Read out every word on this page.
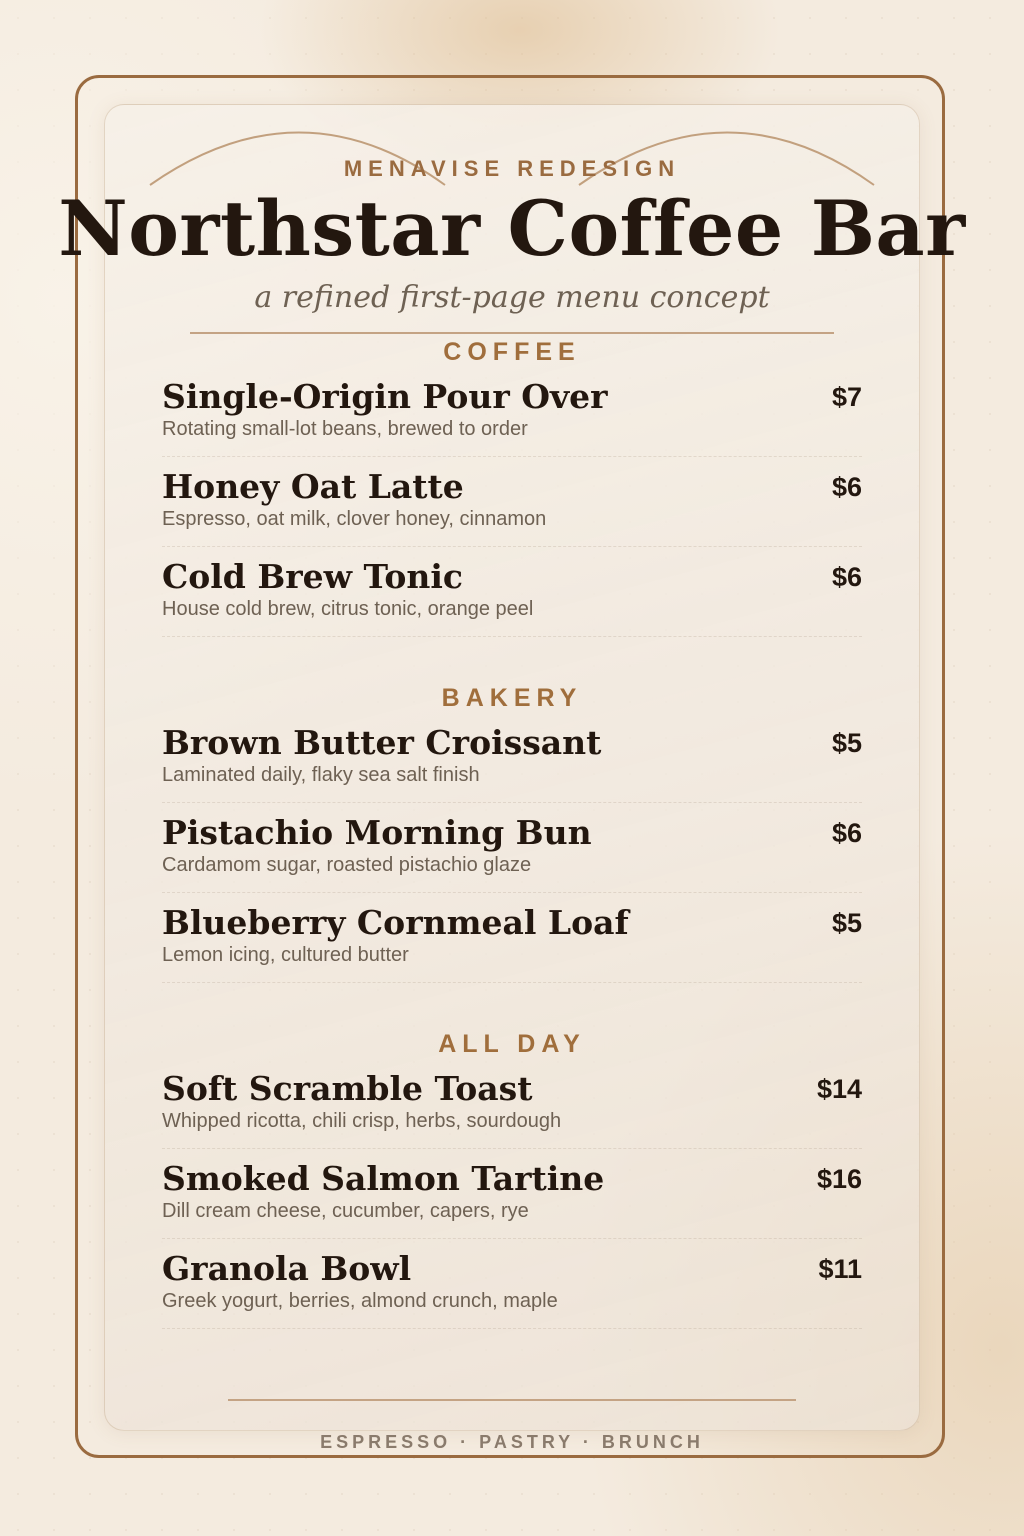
MENAVISE REDESIGN
Northstar Coffee Bar
a refined first-page menu concept
COFFEE
Single-Origin Pour Over
Rotating small-lot beans, brewed to order
$7
Honey Oat Latte
Espresso, oat milk, clover honey, cinnamon
$6
Cold Brew Tonic
House cold brew, citrus tonic, orange peel
$6
BAKERY
Brown Butter Croissant
Laminated daily, flaky sea salt finish
$5
Pistachio Morning Bun
Cardamom sugar, roasted pistachio glaze
$6
Blueberry Cornmeal Loaf
Lemon icing, cultured butter
$5
ALL DAY
Soft Scramble Toast
Whipped ricotta, chili crisp, herbs, sourdough
$14
Smoked Salmon Tartine
Dill cream cheese, cucumber, capers, rye
$16
Granola Bowl
Greek yogurt, berries, almond crunch, maple
$11
ESPRESSO · PASTRY · BRUNCH
